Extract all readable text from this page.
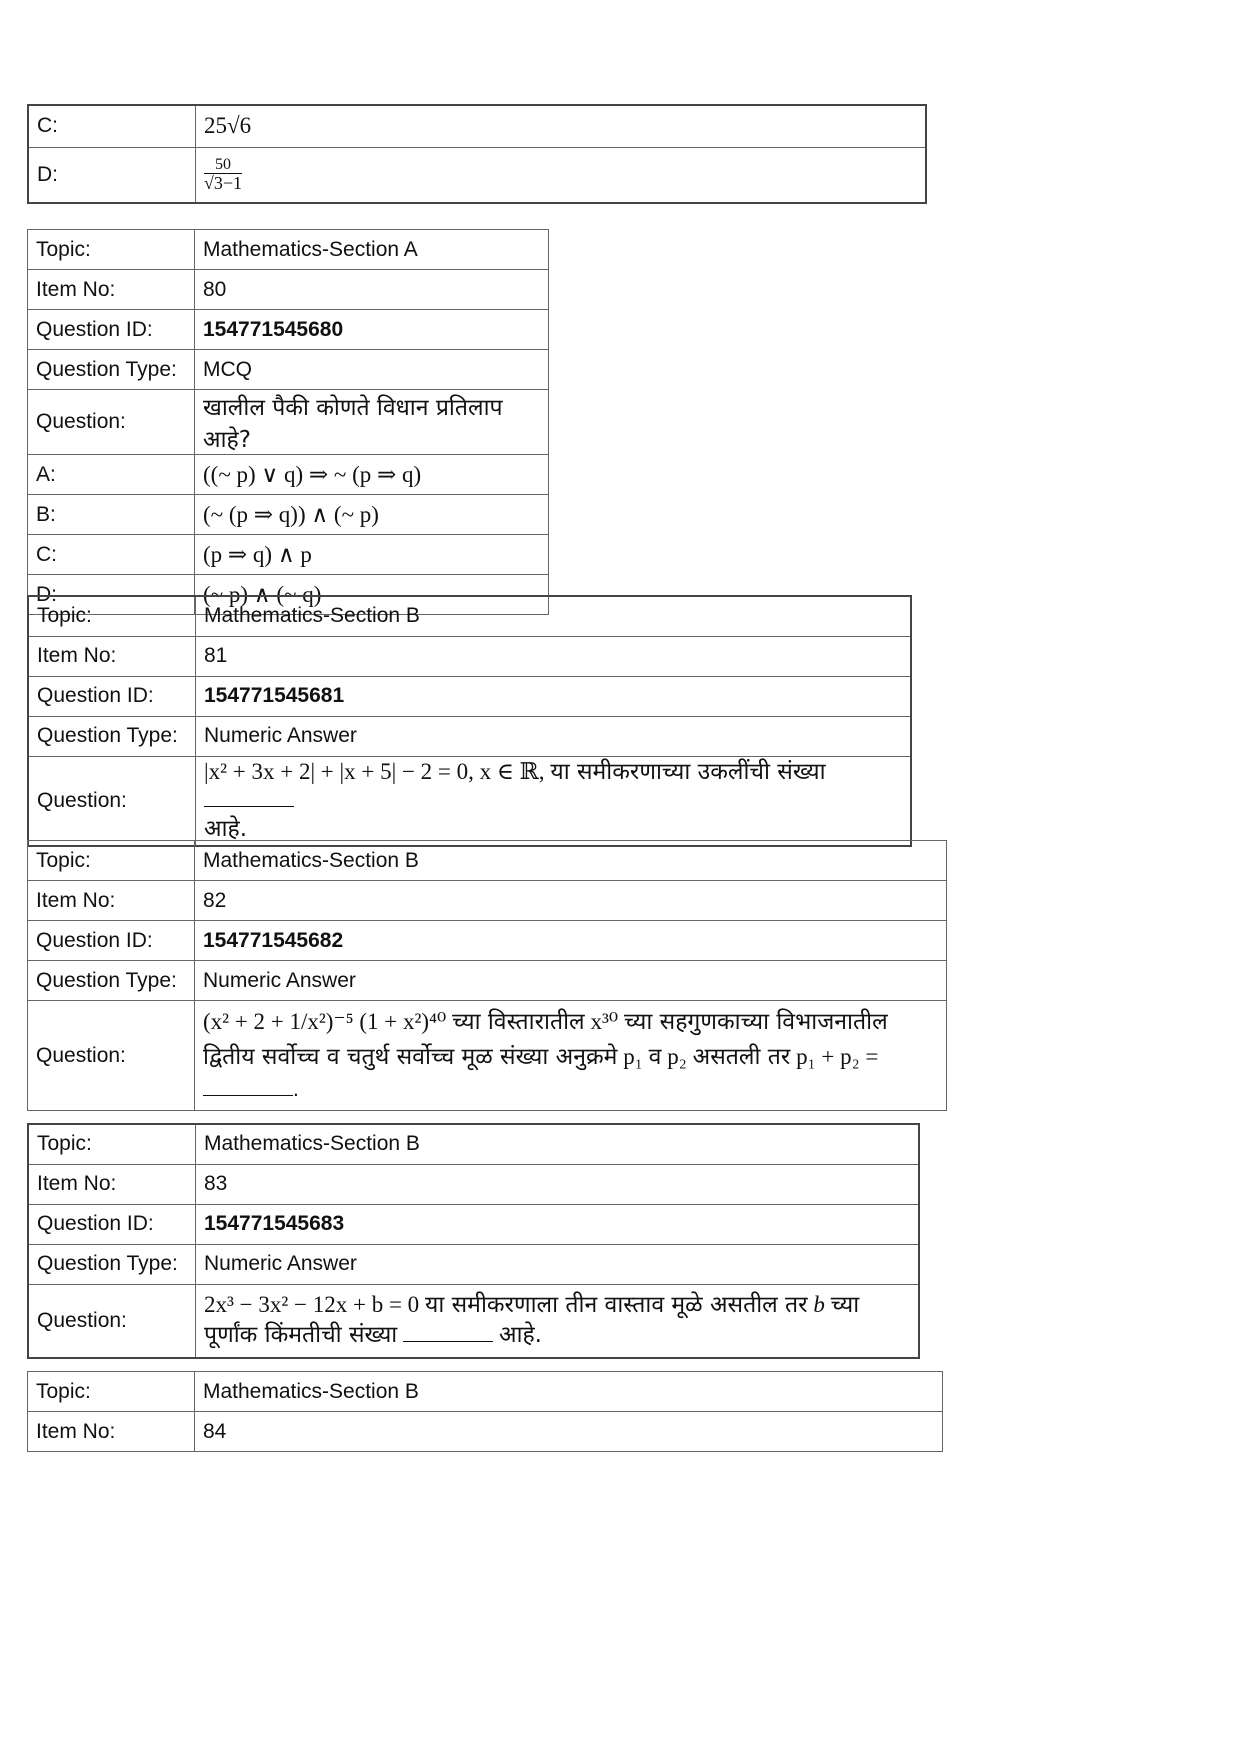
C:	25√6
D:	$\frac{50}{√3-1}$
Topic:	Mathematics-Section A
Item No:	80
Question ID:	154771545680
Question Type:	MCQ
Question:	खालील पैकी कोणते विधान प्रतिलाप आहे?
A:	((~ p) ∨ q) ⇒ ~ (p ⇒ q)
B:	(~ (p ⇒ q)) ∧ (~ p)
C:	(p ⇒ q) ∧ p
D:	(~ p) ∧ (~ q)
Topic:	Mathematics-Section B
Item No:	81
Question ID:	154771545681
Question Type:	Numeric Answer
Question:	|x² + 3x + 2| + |x + 5| − 2 = 0, x ∈ ℝ, या समीकरणाच्या उकलींची संख्या
आहे.
Topic:	Mathematics-Section B
Item No:	82
Question ID:	154771545682
Question Type:	Numeric Answer
Question:	(x² + 2 + 1/x²)⁻⁵ (1 + x²)⁴⁰ च्या विस्तारातील x³⁰ च्या सहगुणकाच्या विभाजनातील द्वितीय सर्वोच्च व चतुर्थ सर्वोच्च मूळ संख्या अनुक्रमे p₁ व p₂ असतली तर p₁ + p₂ = .
Topic:	Mathematics-Section B
Item No:	83
Question ID:	154771545683
Question Type:	Numeric Answer
Question:	2x³ − 3x² − 12x + b = 0 या समीकरणाला तीन वास्ताव मूळे असतील तर b च्या पूर्णांक किंमतीची संख्या आहे.
Topic:	Mathematics-Section B
Item No:	84
